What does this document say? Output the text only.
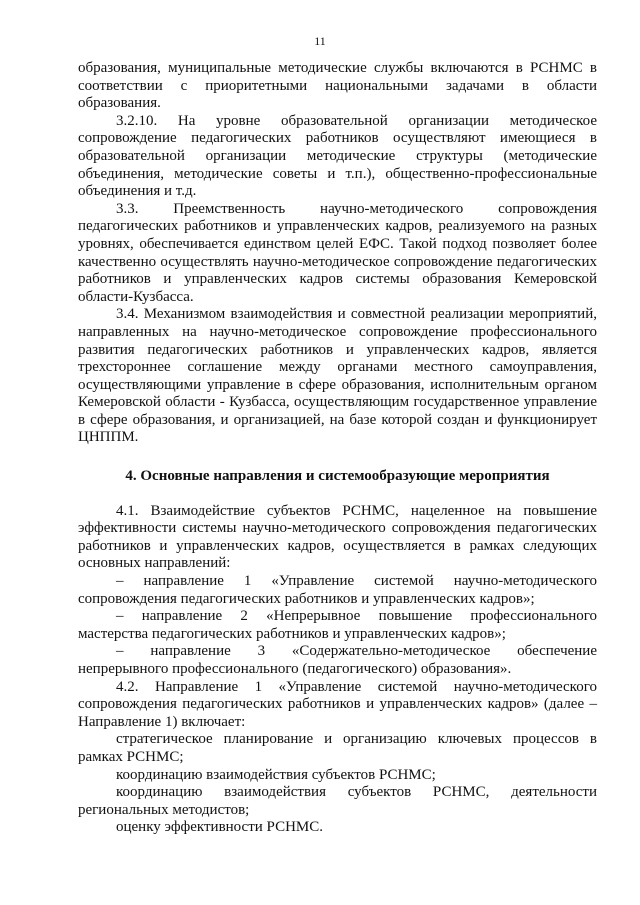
11

образования, муниципальные методические службы включаются в РСНМС в соответствии с приоритетными национальными задачами в области образования.

3.2.10. На уровне образовательной организации методическое сопровождение педагогических работников осуществляют имеющиеся в образовательной организации методические структуры (методические объединения, методические советы и т.п.), общественно-профессиональные объединения и т.д.

3.3. Преемственность научно-методического сопровождения педагогических работников и управленческих кадров, реализуемого на разных уровнях, обеспечивается единством целей ЕФС. Такой подход позволяет более качественно осуществлять научно-методическое сопровождение педагогических работников и управленческих кадров системы образования Кемеровской области-Кузбасса.

3.4. Механизмом взаимодействия и совместной реализации мероприятий, направленных на научно-методическое сопровождение профессионального развития педагогических работников и управленческих кадров, является трехстороннее соглашение между органами местного самоуправления, осуществляющими управление в сфере образования, исполнительным органом Кемеровской области - Кузбасса, осуществляющим государственное управление в сфере образования, и организацией, на базе которой создан и функционирует ЦНППМ.

4. Основные направления и системообразующие мероприятия

4.1. Взаимодействие субъектов РСНМС, нацеленное на повышение эффективности системы научно-методического сопровождения педагогических работников и управленческих кадров, осуществляется в рамках следующих основных направлений:

– направление 1 «Управление системой научно-методического сопровождения педагогических работников и управленческих кадров»;

– направление 2 «Непрерывное повышение профессионального мастерства педагогических работников и управленческих кадров»;

– направление 3 «Содержательно-методическое обеспечение непрерывного профессионального (педагогического) образования».

4.2. Направление 1 «Управление системой научно-методического сопровождения педагогических работников и управленческих кадров» (далее – Направление 1) включает:

стратегическое планирование и организацию ключевых процессов в рамках РСНМС;

координацию взаимодействия субъектов РСНМС;

координацию взаимодействия субъектов РСНМС, деятельности региональных методистов;

оценку эффективности РСНМС.
